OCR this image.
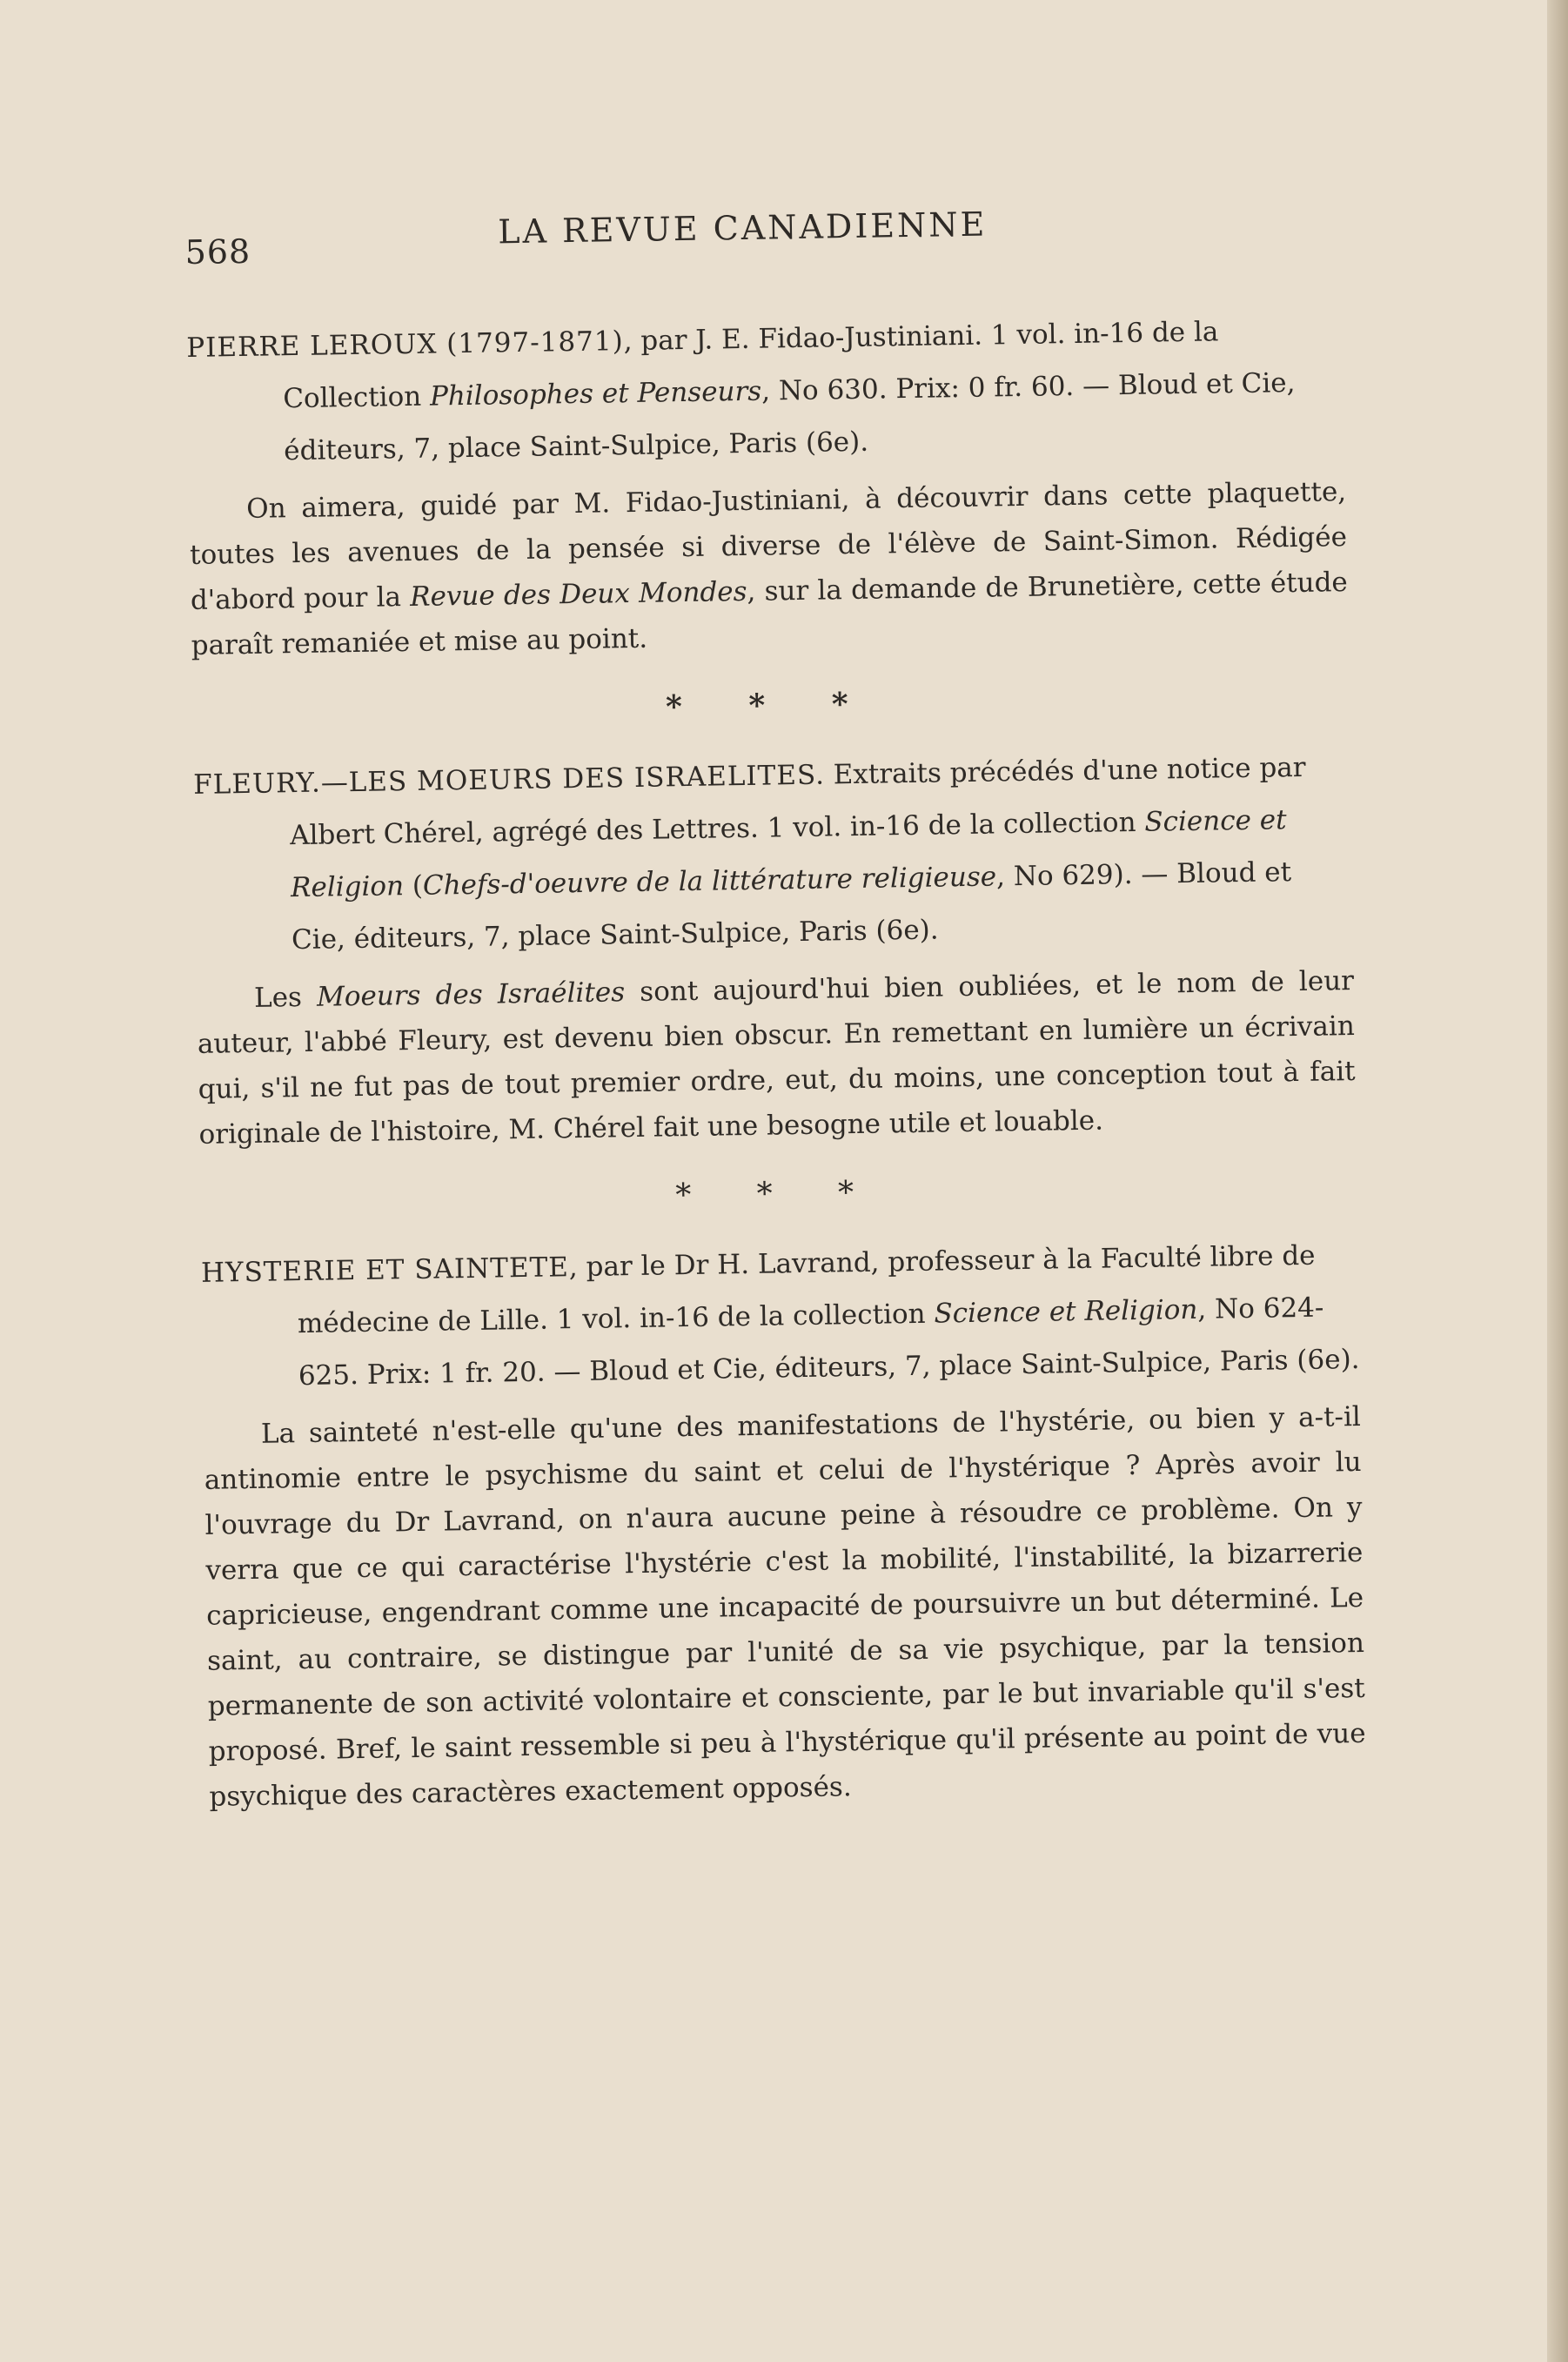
568
LA REVUE CANADIENNE

PIERRE LEROUX (1797-1871), par J. E. Fidao-Justiniani. 1 vol. in-16 de la Collection Philosophes et Penseurs, No 630. Prix: 0 fr. 60. — Bloud et Cie, éditeurs, 7, place Saint-Sulpice, Paris (6e).

On aimera, guidé par M. Fidao-Justiniani, à découvrir dans cette plaquette, toutes les avenues de la pensée si diverse de l'élève de Saint-Simon. Rédigée d'abord pour la Revue des Deux Mondes, sur la demande de Brunetière, cette étude paraît remaniée et mise au point.

* * *

FLEURY.—LES MOEURS DES ISRAELITES. Extraits précédés d'une notice par Albert Chérel, agrégé des Lettres. 1 vol. in-16 de la collection Science et Religion (Chefs-d'oeuvre de la littérature religieuse, No 629). — Bloud et Cie, éditeurs, 7, place Saint-Sulpice, Paris (6e).

Les Moeurs des Israélites sont aujourd'hui bien oubliées, et le nom de leur auteur, l'abbé Fleury, est devenu bien obscur. En remettant en lumière un écrivain qui, s'il ne fut pas de tout premier ordre, eut, du moins, une conception tout à fait originale de l'histoire, M. Chérel fait une besogne utile et louable.

* * *

HYSTERIE ET SAINTETE, par le Dr H. Lavrand, professeur à la Faculté libre de médecine de Lille. 1 vol. in-16 de la collection Science et Religion, No 624-625. Prix: 1 fr. 20. — Bloud et Cie, éditeurs, 7, place Saint-Sulpice, Paris (6e).

La sainteté n'est-elle qu'une des manifestations de l'hystérie, ou bien y a-t-il antinomie entre le psychisme du saint et celui de l'hystérique ? Après avoir lu l'ouvrage du Dr Lavrand, on n'aura aucune peine à résoudre ce problème. On y verra que ce qui caractérise l'hystérie c'est la mobilité, l'instabilité, la bizarrerie capricieuse, engendrant comme une incapacité de poursuivre un but déterminé. Le saint, au contraire, se distingue par l'unité de sa vie psychique, par la tension permanente de son activité volontaire et consciente, par le but invariable qu'il s'est proposé. Bref, le saint ressemble si peu à l'hystérique qu'il présente au point de vue psychique des caractères exactement opposés.
